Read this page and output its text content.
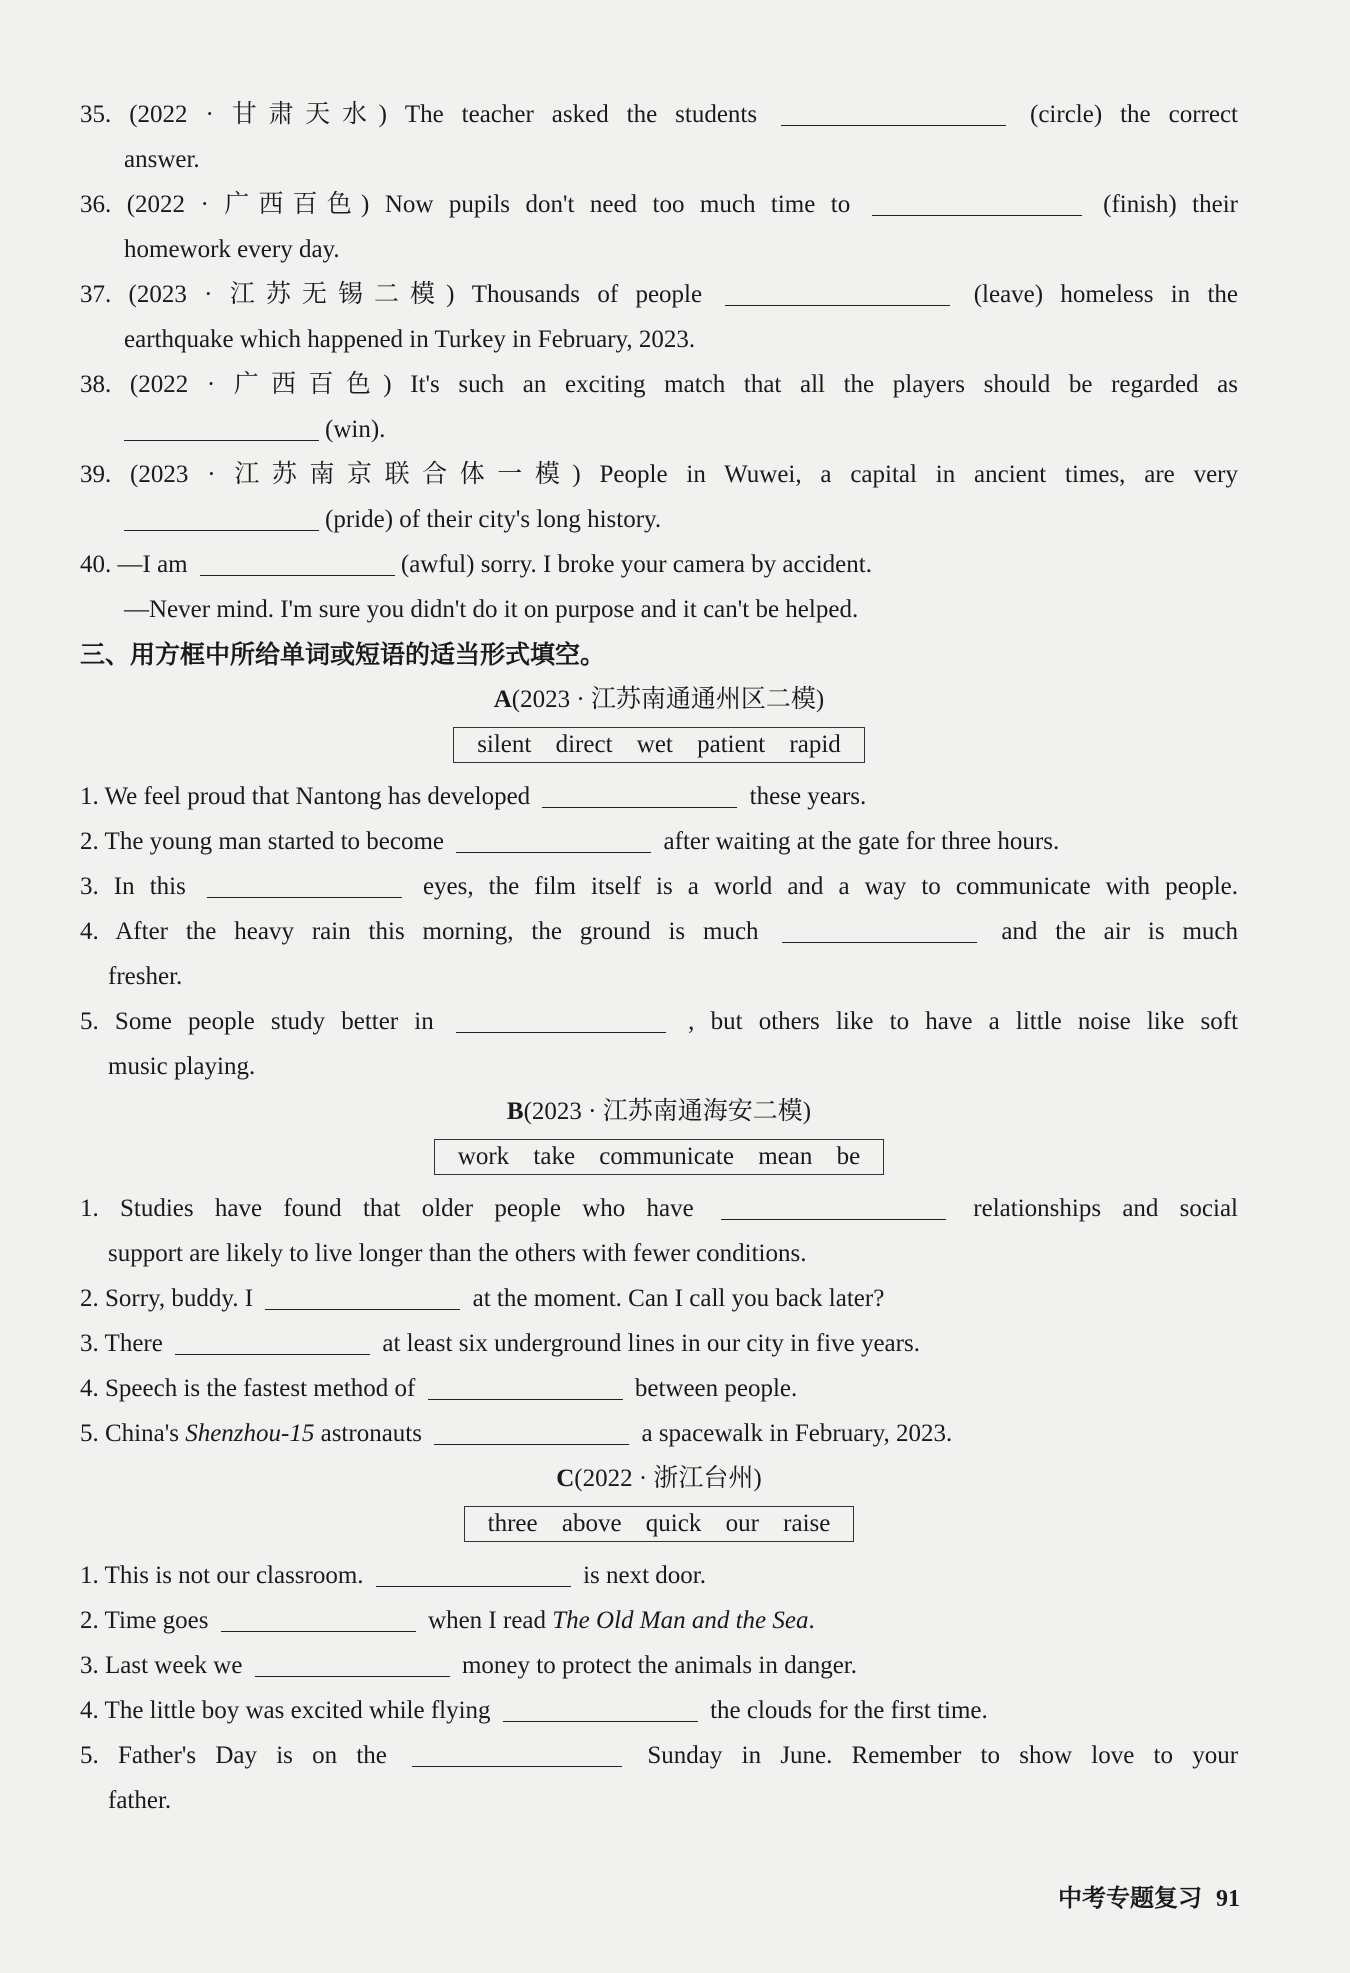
35. (2022 · 甘肃天水) The teacher asked the students	(circle) the correct
answer.
36. (2022 · 广西百色) Now pupils don't need too much time to	(finish) their
homework every day.
37. (2023 · 江苏无锡二模) Thousands of people	(leave) homeless in the
earthquake which happened in Turkey in February, 2023.
38. (2022 · 广西百色) It's such an exciting match that all the players should be regarded as
(win).
39. (2023 · 江苏南京联合体一模) People in Wuwei, a capital in ancient times, are very
(pride) of their city's long history.
40. —I am	(awful) sorry. I broke your camera by accident.
—Never mind. I'm sure you didn't do it on purpose and it can't be helped.
三、用方框中所给单词或短语的适当形式填空。
A(2023 · 江苏南通通州区二模)
silent direct wet patient rapid
1. We feel proud that Nantong has developed	these years.
2. The young man started to become	after waiting at the gate for three hours.
3. In this	eyes, the film itself is a world and a way to communicate with people.
4. After the heavy rain this morning, the ground is much	and the air is much
fresher.
5. Some people study better in	, but others like to have a little noise like soft
music playing.
B(2023 · 江苏南通海安二模)
work take communicate mean be
1. Studies have found that older people who have	relationships and social
support are likely to live longer than the others with fewer conditions.
2. Sorry, buddy. I	at the moment. Can I call you back later?
3. There	at least six underground lines in our city in five years.
4. Speech is the fastest method of	between people.
5. China's Shenzhou-15 astronauts	a spacewalk in February, 2023.
C(2022 · 浙江台州)
three above quick our raise
1. This is not our classroom.	is next door.
2. Time goes	when I read The Old Man and the Sea.
3. Last week we	money to protect the animals in danger.
4. The little boy was excited while flying	the clouds for the first time.
5. Father's Day is on the	Sunday in June. Remember to show love to your
father.
中考专题复习 91
